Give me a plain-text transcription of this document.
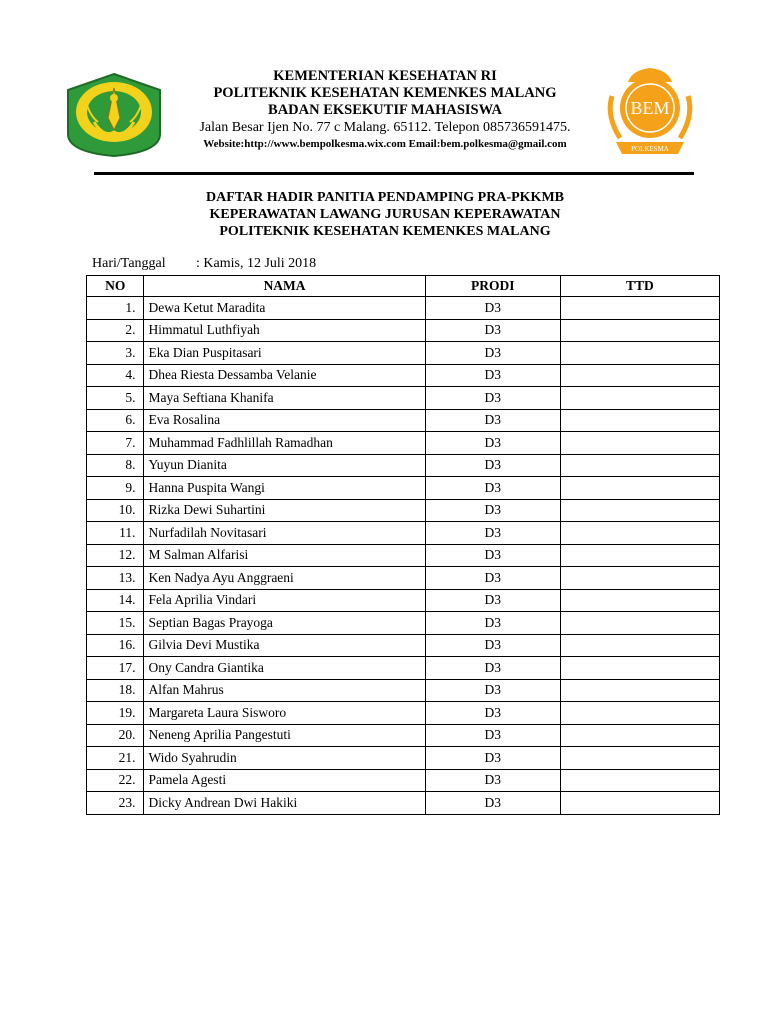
BEM
POLKESMA
KEMENTERIAN KESEHATAN RI
POLITEKNIK KESEHATAN KEMENKES MALANG
BADAN EKSEKUTIF MAHASISWA
Jalan Besar Ijen No. 77 c Malang. 65112. Telepon 085736591475.
Website:http://www.bempolkesma.wix.com Email:bem.polkesma@gmail.com
DAFTAR HADIR PANITIA PENDAMPING PRA-PKKMB
KEPERAWATAN LAWANG JURUSAN KEPERAWATAN
POLITEKNIK KESEHATAN KEMENKES MALANG
Hari/Tanggal : Kamis, 12 Juli 2018
NO	NAMA	PRODI	TTD
1.	Dewa Ketut Maradita	D3	
2.	Himmatul Luthfiyah	D3	
3.	Eka Dian Puspitasari	D3	
4.	Dhea Riesta Dessamba Velanie	D3	
5.	Maya Seftiana Khanifa	D3	
6.	Eva Rosalina	D3	
7.	Muhammad Fadhlillah Ramadhan	D3	
8.	Yuyun Dianita	D3	
9.	Hanna Puspita Wangi	D3	
10.	Rizka Dewi Suhartini	D3	
11.	Nurfadilah Novitasari	D3	
12.	M Salman Alfarisi	D3	
13.	Ken Nadya Ayu Anggraeni	D3	
14.	Fela Aprilia Vindari	D3	
15.	Septian Bagas Prayoga	D3	
16.	Gilvia Devi Mustika	D3	
17.	Ony Candra Giantika	D3	
18.	Alfan Mahrus	D3	
19.	Margareta Laura Sisworo	D3	
20.	Neneng Aprilia Pangestuti	D3	
21.	Wido Syahrudin	D3	
22.	Pamela Agesti	D3	
23.	Dicky Andrean Dwi Hakiki	D3	
